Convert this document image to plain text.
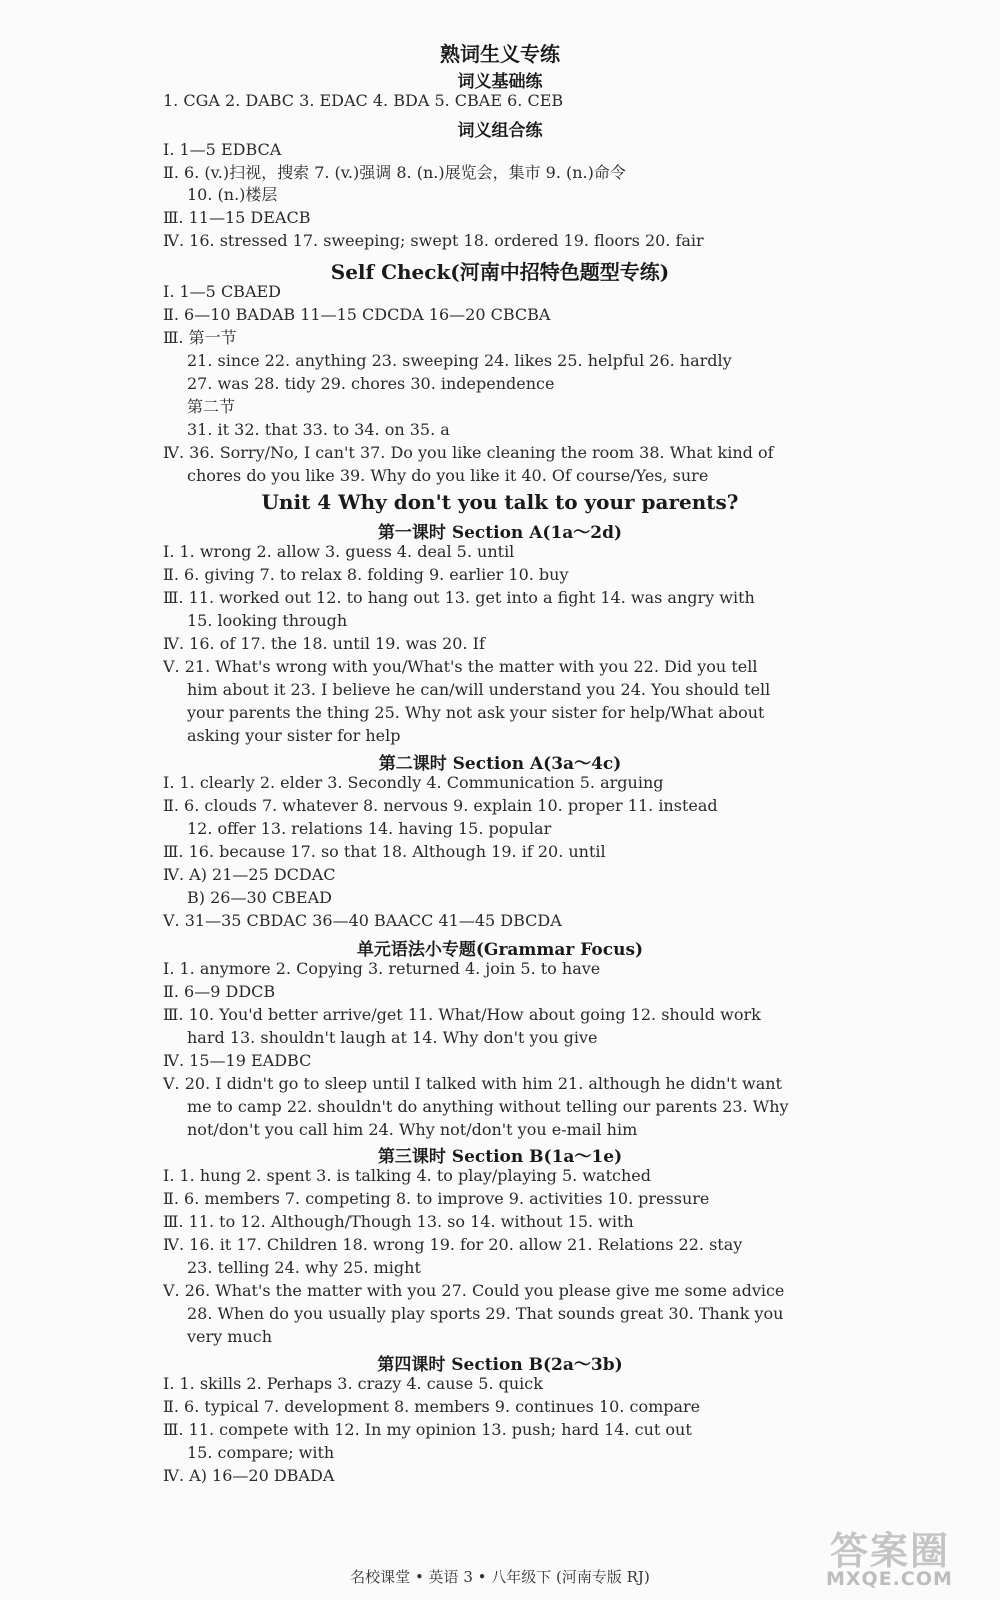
熟词生义专练
词义基础练
1. CGA 2. DABC 3. EDAC 4. BDA 5. CBAE 6. CEB
词义组合练
Ⅰ. 1—5 EDBCA
Ⅱ. 6. (v.)扫视，搜索 7. (v.)强调 8. (n.)展览会，集市 9. (n.)命令
10. (n.)楼层
Ⅲ. 11—15 DEACB
Ⅳ. 16. stressed 17. sweeping; swept 18. ordered 19. floors 20. fair
Self Check(河南中招特色题型专练)
Ⅰ. 1—5 CBAED
Ⅱ. 6—10 BADAB 11—15 CDCDA 16—20 CBCBA
Ⅲ. 第一节
21. since 22. anything 23. sweeping 24. likes 25. helpful 26. hardly
27. was 28. tidy 29. chores 30. independence
第二节
31. it 32. that 33. to 34. on 35. a
Ⅳ. 36. Sorry/No, I can't 37. Do you like cleaning the room 38. What kind of
chores do you like 39. Why do you like it 40. Of course/Yes, sure
Unit 4 Why don't you talk to your parents?
第一课时 Section A(1a～2d)
Ⅰ. 1. wrong 2. allow 3. guess 4. deal 5. until
Ⅱ. 6. giving 7. to relax 8. folding 9. earlier 10. buy
Ⅲ. 11. worked out 12. to hang out 13. get into a fight 14. was angry with
15. looking through
Ⅳ. 16. of 17. the 18. until 19. was 20. If
Ⅴ. 21. What's wrong with you/What's the matter with you 22. Did you tell
him about it 23. I believe he can/will understand you 24. You should tell
your parents the thing 25. Why not ask your sister for help/What about
asking your sister for help
第二课时 Section A(3a～4c)
Ⅰ. 1. clearly 2. elder 3. Secondly 4. Communication 5. arguing
Ⅱ. 6. clouds 7. whatever 8. nervous 9. explain 10. proper 11. instead
12. offer 13. relations 14. having 15. popular
Ⅲ. 16. because 17. so that 18. Although 19. if 20. until
Ⅳ. A) 21—25 DCDAC
B) 26—30 CBEAD
Ⅴ. 31—35 CBDAC 36—40 BAACC 41—45 DBCDA
单元语法小专题(Grammar Focus)
Ⅰ. 1. anymore 2. Copying 3. returned 4. join 5. to have
Ⅱ. 6—9 DDCB
Ⅲ. 10. You'd better arrive/get 11. What/How about going 12. should work
hard 13. shouldn't laugh at 14. Why don't you give
Ⅳ. 15—19 EADBC
Ⅴ. 20. I didn't go to sleep until I talked with him 21. although he didn't want
me to camp 22. shouldn't do anything without telling our parents 23. Why
not/don't you call him 24. Why not/don't you e-mail him
第三课时 Section B(1a～1e)
Ⅰ. 1. hung 2. spent 3. is talking 4. to play/playing 5. watched
Ⅱ. 6. members 7. competing 8. to improve 9. activities 10. pressure
Ⅲ. 11. to 12. Although/Though 13. so 14. without 15. with
Ⅳ. 16. it 17. Children 18. wrong 19. for 20. allow 21. Relations 22. stay
23. telling 24. why 25. might
Ⅴ. 26. What's the matter with you 27. Could you please give me some advice
28. When do you usually play sports 29. That sounds great 30. Thank you
very much
第四课时 Section B(2a～3b)
Ⅰ. 1. skills 2. Perhaps 3. crazy 4. cause 5. quick
Ⅱ. 6. typical 7. development 8. members 9. continues 10. compare
Ⅲ. 11. compete with 12. In my opinion 13. push; hard 14. cut out
15. compare; with
Ⅳ. A) 16—20 DBADA
名校课堂 • 英语 3 • 八年级下 (河南专版 RJ)
答案圈
MXQE.COM
